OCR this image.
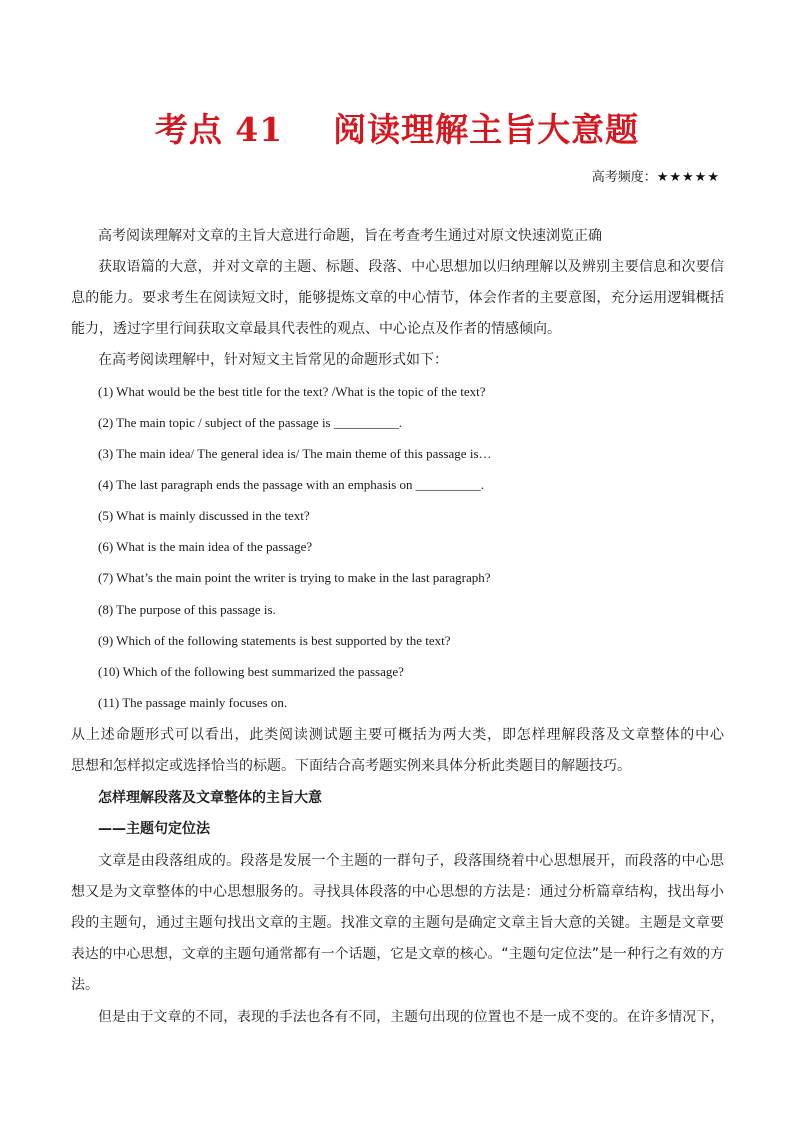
考点 41    阅读理解主旨大意题
高考频度：★★★★★
高考阅读理解对文章的主旨大意进行命题，旨在考查考生通过对原文快速浏览正确
获取语篇的大意，并对文章的主题、标题、段落、中心思想加以归纳理解以及辨别主要信息和次要信
息的能力。要求考生在阅读短文时，能够提炼文章的中心情节，体会作者的主要意图，充分运用逻辑概括
能力，透过字里行间获取文章最具代表性的观点、中心论点及作者的情感倾向。
在高考阅读理解中，针对短文主旨常见的命题形式如下：
(1) What would be the best title for the text? /What is the topic of the text?
(2) The main topic / subject of the passage is __________.
(3) The main idea/ The general idea is/ The main theme of this passage is…
(4) The last paragraph ends the passage with an emphasis on __________.
(5) What is mainly discussed in the text?
(6) What is the main idea of the passage?
(7) What’s the main point the writer is trying to make in the last paragraph?
(8) The purpose of this passage is.
(9) Which of the following statements is best supported by the text?
(10) Which of the following best summarized the passage?
(11) The passage mainly focuses on.
从上述命题形式可以看出，此类阅读测试题主要可概括为两大类，即怎样理解段落及文章整体的中心
思想和怎样拟定或选择恰当的标题。下面结合高考题实例来具体分析此类题目的解题技巧。
怎样理解段落及文章整体的主旨大意
——主题句定位法
文章是由段落组成的。段落是发展一个主题的一群句子，段落围绕着中心思想展开，而段落的中心思
想又是为文章整体的中心思想服务的。寻找具体段落的中心思想的方法是：通过分析篇章结构，找出每小
段的主题句，通过主题句找出文章的主题。找准文章的主题句是确定文章主旨大意的关键。主题是文章要
表达的中心思想，文章的主题句通常都有一个话题，它是文章的核心。“主题句定位法”是一种行之有效的方
法。
但是由于文章的不同，表现的手法也各有不同，主题句出现的位置也不是一成不变的。在许多情况下，
